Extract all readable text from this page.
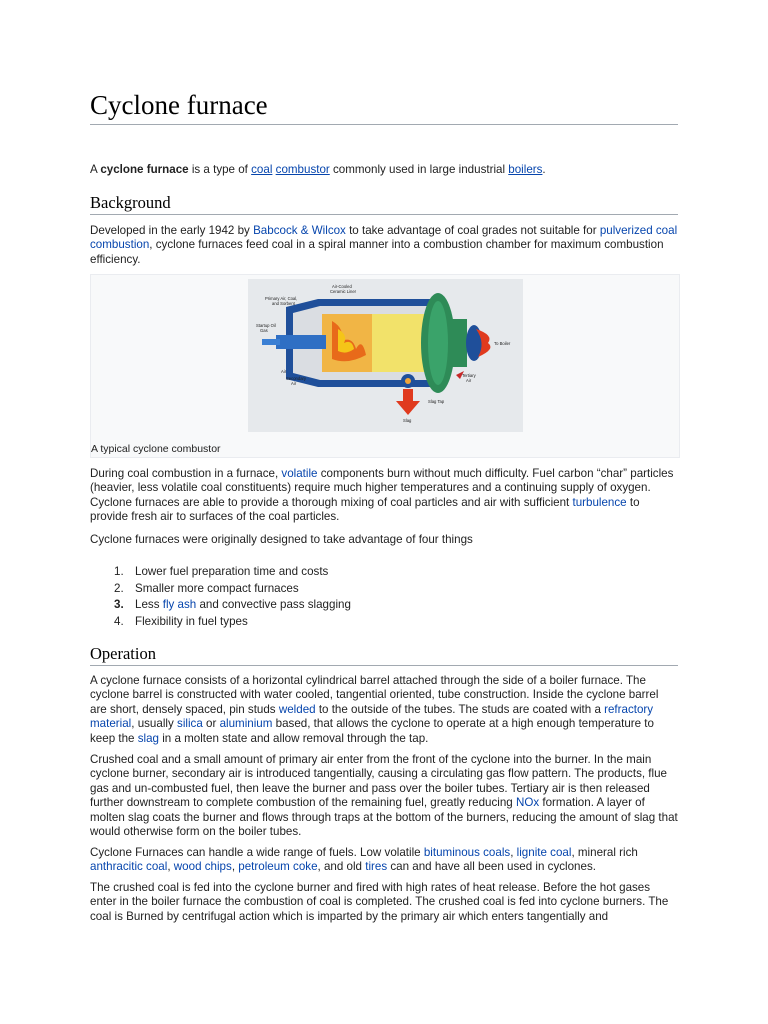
Cyclone furnace

A cyclone furnace is a type of coal combustor commonly used in large industrial boilers.

Background

Developed in the early 1942 by Babcock & Wilcox to take advantage of coal grades not suitable for pulverized coal combustion, cyclone furnaces feed coal in a spiral manner into a combustion chamber for maximum combustion efficiency.

Air-Cooled
Ceramic Liner
Primary Air, Coal,
and Sorbent
Startup Oil
Gas
Air
Secondary
Air
To Boiler
Tertiary
Air
Slag Tap
Slag
A typical cyclone combustor

During coal combustion in a furnace, volatile components burn without much difficulty. Fuel carbon “char” particles (heavier, less volatile coal constituents) require much higher temperatures and a continuing supply of oxygen. Cyclone furnaces are able to provide a thorough mixing of coal particles and air with sufficient turbulence to provide fresh air to surfaces of the coal particles.

Cyclone furnaces were originally designed to take advantage of four things

1. Lower fuel preparation time and costs
2. Smaller more compact furnaces
3. Less fly ash and convective pass slagging
4. Flexibility in fuel types
Operation

A cyclone furnace consists of a horizontal cylindrical barrel attached through the side of a boiler furnace. The cyclone barrel is constructed with water cooled, tangential oriented, tube construction. Inside the cyclone barrel are short, densely spaced, pin studs welded to the outside of the tubes. The studs are coated with a refractory material, usually silica or aluminium based, that allows the cyclone to operate at a high enough temperature to keep the slag in a molten state and allow removal through the tap.

Crushed coal and a small amount of primary air enter from the front of the cyclone into the burner. In the main cyclone burner, secondary air is introduced tangentially, causing a circulating gas flow pattern. The products, flue gas and un-combusted fuel, then leave the burner and pass over the boiler tubes. Tertiary air is then released further downstream to complete combustion of the remaining fuel, greatly reducing NOx formation. A layer of molten slag coats the burner and flows through traps at the bottom of the burners, reducing the amount of slag that would otherwise form on the boiler tubes.

Cyclone Furnaces can handle a wide range of fuels. Low volatile bituminous coals, lignite coal, mineral rich anthracitic coal, wood chips, petroleum coke, and old tires can and have all been used in cyclones.

The crushed coal is fed into the cyclone burner and fired with high rates of heat release. Before the hot gases enter in the boiler furnace the combustion of coal is completed. The crushed coal is fed into cyclone burners. The coal is Burned by centrifugal action which is imparted by the primary air which enters tangentially and
